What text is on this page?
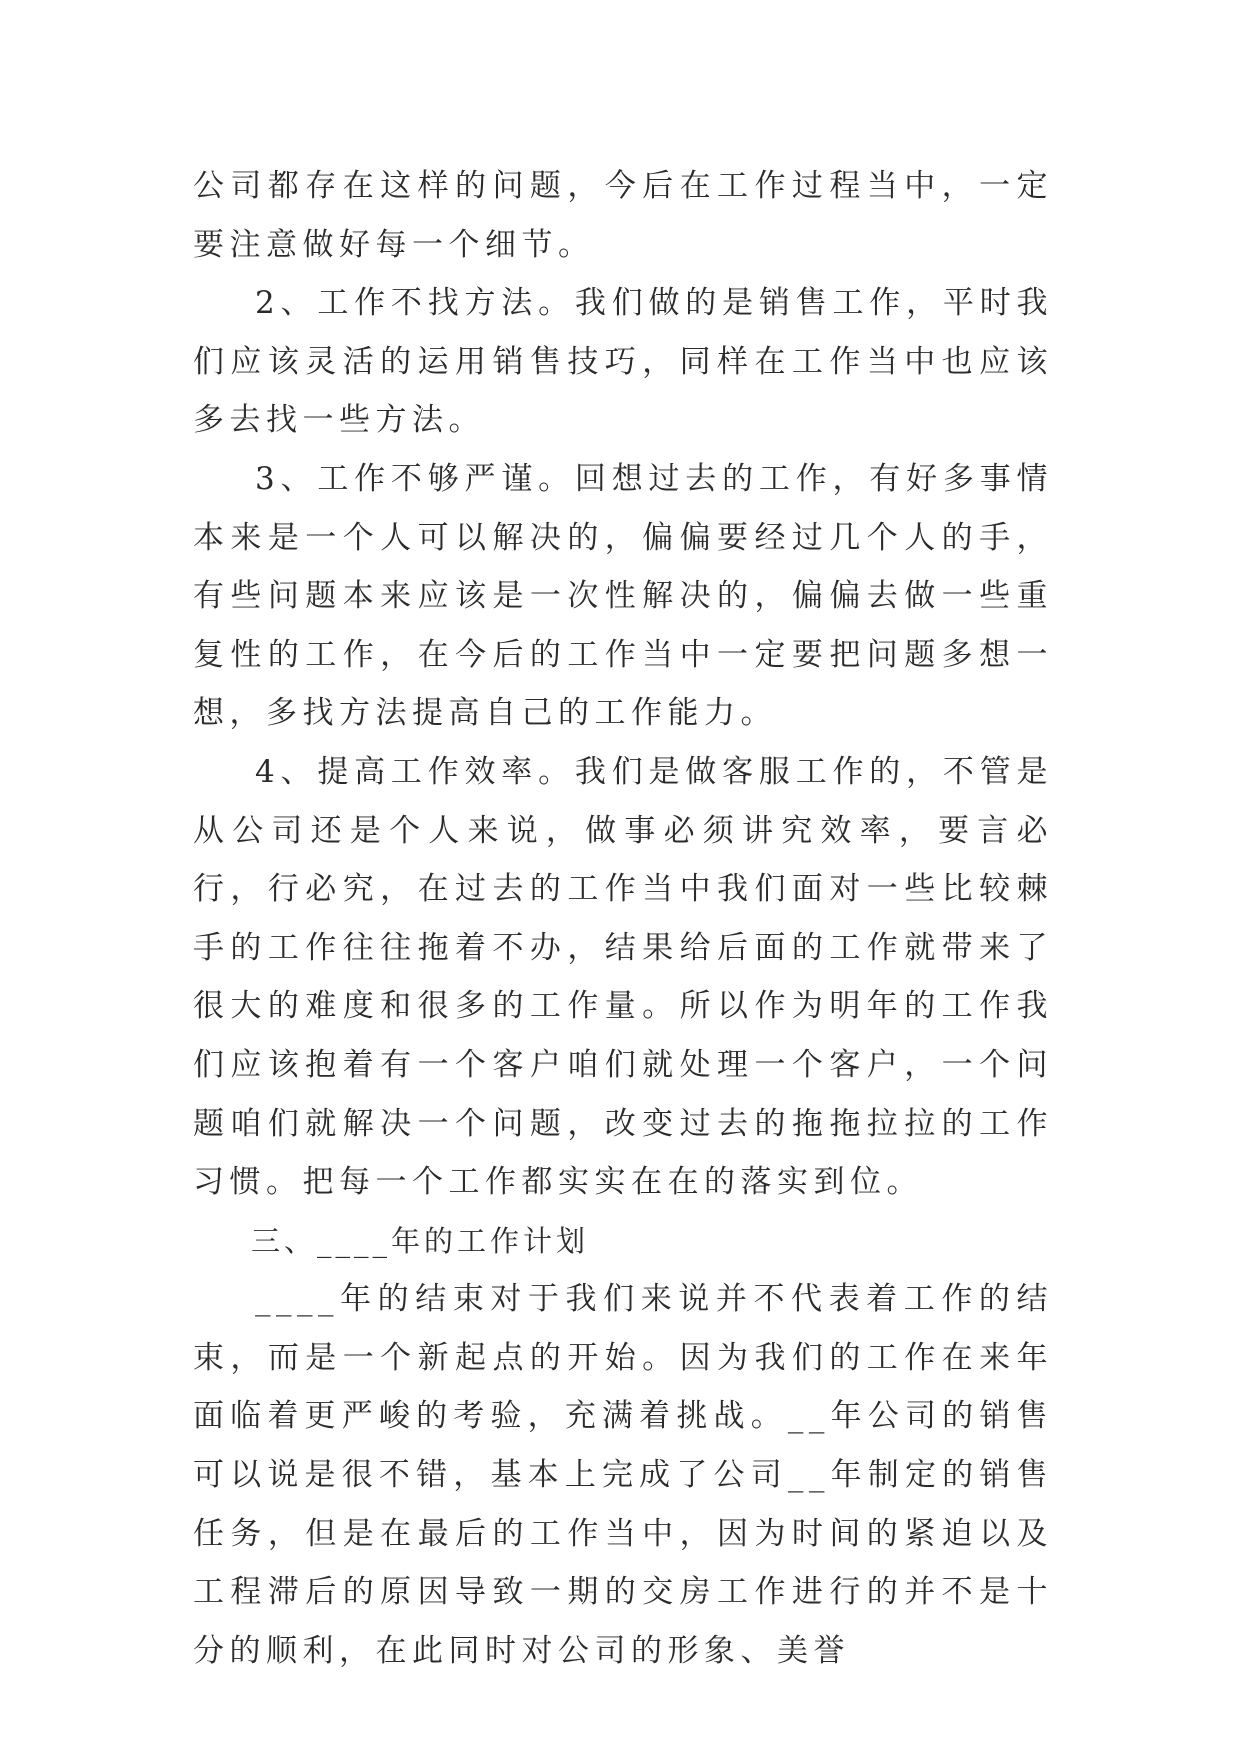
公司都存在这样的问题，今后在工作过程当中，一定要注意做好每一个细节。

2、工作不找方法。我们做的是销售工作，平时我们应该灵活的运用销售技巧，同样在工作当中也应该多去找一些方法。

3、工作不够严谨。回想过去的工作，有好多事情本来是一个人可以解决的，偏偏要经过几个人的手，有些问题本来应该是一次性解决的，偏偏去做一些重复性的工作，在今后的工作当中一定要把问题多想一想，多找方法提高自己的工作能力。

4、提高工作效率。我们是做客服工作的，不管是从公司还是个人来说，做事必须讲究效率，要言必行，行必究，在过去的工作当中我们面对一些比较棘手的工作往往拖着不办，结果给后面的工作就带来了很大的难度和很多的工作量。所以作为明年的工作我们应该抱着有一个客户咱们就处理一个客户，一个问题咱们就解决一个问题，改变过去的拖拖拉拉的工作习惯。把每一个工作都实实在在的落实到位。

三、____年的工作计划

____年的结束对于我们来说并不代表着工作的结束，而是一个新起点的开始。因为我们的工作在来年面临着更严峻的考验，充满着挑战。__年公司的销售可以说是很不错，基本上完成了公司__年制定的销售任务，但是在最后的工作当中，因为时间的紧迫以及工程滞后的原因导致一期的交房工作进行的并不是十分的顺利，在此同时对公司的形象、美誉
